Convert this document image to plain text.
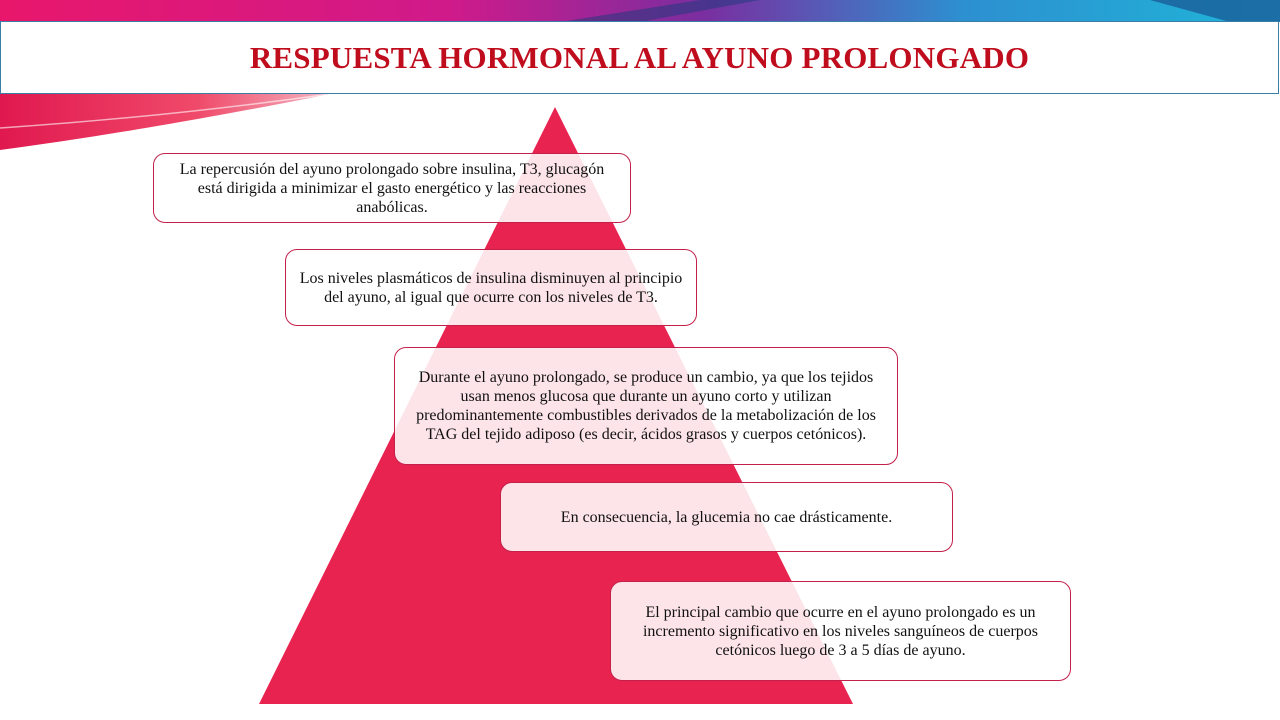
RESPUESTA HORMONAL AL AYUNO PROLONGADO
La repercusión del ayuno prolongado sobre insulina, T3, glucagón está dirigida a minimizar el gasto energético y las reacciones anabólicas.
Los niveles plasmáticos de insulina disminuyen al principio del ayuno, al igual que ocurre con los niveles de T3.
Durante el ayuno prolongado, se produce un cambio, ya que los tejidos usan menos glucosa que durante un ayuno corto y utilizan predominantemente combustibles derivados de la metabolización de los TAG del tejido adiposo (es decir, ácidos grasos y cuerpos cetónicos).
En consecuencia, la glucemia no cae drásticamente.
El principal cambio que ocurre en el ayuno prolongado es un incremento significativo en los niveles sanguíneos de cuerpos cetónicos luego de 3 a 5 días de ayuno.
